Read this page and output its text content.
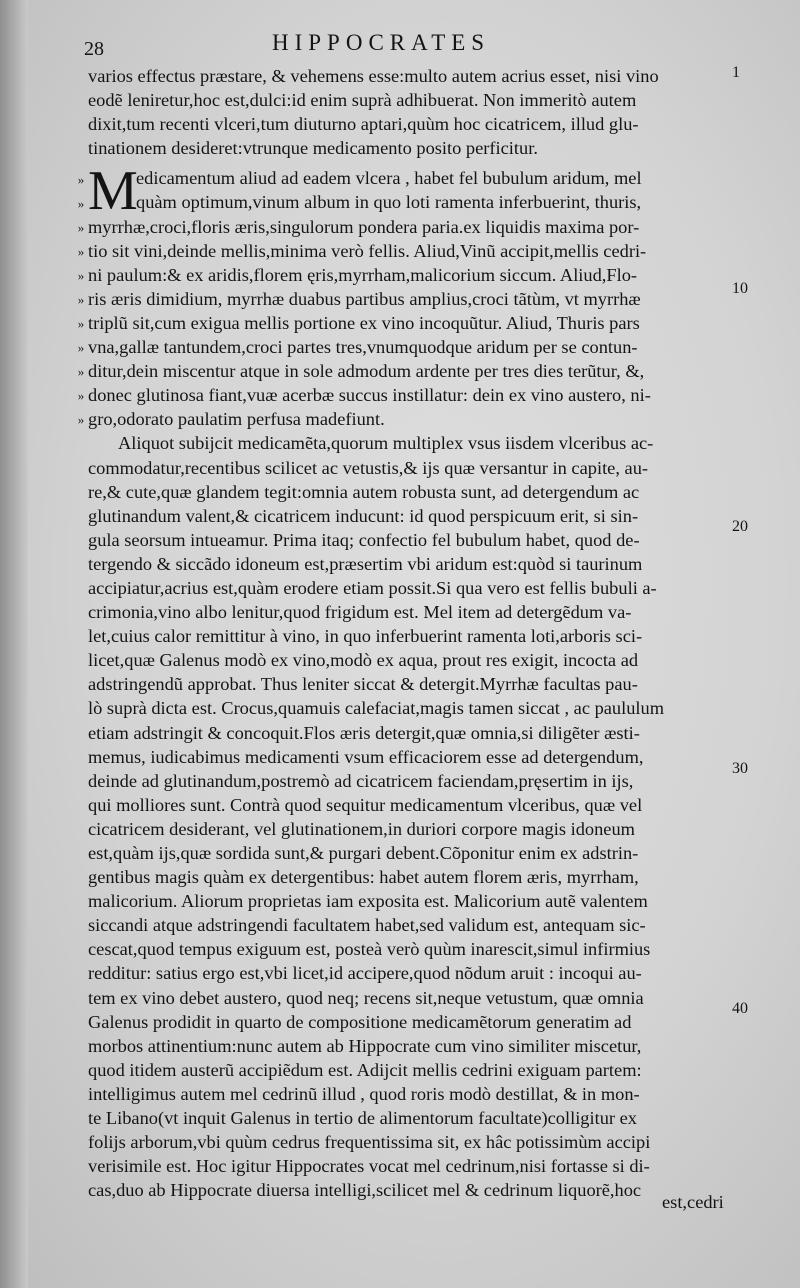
28	HIPPOCRATES
M
»
»
»
»
»
»
»
»
»
»
»
1
10
20
30
40
varios effectus præstare, & vehemens esse:multo autem acrius esset, nisi vino
eodẽ leniretur,hoc est,dulci:id enim suprà adhibuerat. Non immeritò autem
dixit,tum recenti vlceri,tum diuturno aptari,quùm hoc cicatricem, illud glu-
tinationem desideret:vtrunque medicamento posito perficitur.
edicamentum aliud ad eadem vlcera , habet fel bubulum aridum, mel
quàm optimum,vinum album in quo loti ramenta inferbuerint, thuris,
myrrhæ,croci,floris æris,singulorum pondera paria.ex liquidis maxima por-
tio sit vini,deinde mellis,minima verò fellis. Aliud,Vinũ accipit,mellis cedri-
ni paulum:& ex aridis,florem ęris,myrrham,malicorium siccum. Aliud,Flo-
ris æris dimidium, myrrhæ duabus partibus amplius,croci tãtùm, vt myrrhæ
triplũ sit,cum exigua mellis portione ex vino incoquũtur. Aliud, Thuris pars
vna,gallæ tantundem,croci partes tres,vnumquodque aridum per se contun-
ditur,dein miscentur atque in sole admodum ardente per tres dies terũtur, &,
donec glutinosa fiant,vuæ acerbæ succus instillatur: dein ex vino austero, ni-
gro,odorato paulatim perfusa madefiunt.
Aliquot subijcit medicamẽta,quorum multiplex vsus iisdem vlceribus ac-
commodatur,recentibus scilicet ac vetustis,& ijs quæ versantur in capite, au-
re,& cute,quæ glandem tegit:omnia autem robusta sunt, ad detergendum ac
glutinandum valent,& cicatricem inducunt: id quod perspicuum erit, si sin-
gula seorsum intueamur. Prima itaq; confectio fel bubulum habet, quod de-
tergendo & siccãdo idoneum est,præsertim vbi aridum est:quòd si taurinum
accipiatur,acrius est,quàm erodere etiam possit.Si qua vero est fellis bubuli a-
crimonia,vino albo lenitur,quod frigidum est. Mel item ad detergẽdum va-
let,cuius calor remittitur à vino, in quo inferbuerint ramenta loti,arboris sci-
licet,quæ Galenus modò ex vino,modò ex aqua, prout res exigit, incocta ad
adstringendũ approbat. Thus leniter siccat & detergit.Myrrhæ facultas pau-
lò suprà dicta est. Crocus,quamuis calefaciat,magis tamen siccat , ac paululum
etiam adstringit & concoquit.Flos æris detergit,quæ omnia,si diligẽter æsti-
memus, iudicabimus medicamenti vsum efficaciorem esse ad detergendum,
deinde ad glutinandum,postremò ad cicatricem faciendam,pręsertim in ijs,
qui molliores sunt. Contrà quod sequitur medicamentum vlceribus, quæ vel
cicatricem desiderant, vel glutinationem,in duriori corpore magis idoneum
est,quàm ijs,quæ sordida sunt,& purgari debent.Cõponitur enim ex adstrin-
gentibus magis quàm ex detergentibus: habet autem florem æris, myrrham,
malicorium. Aliorum proprietas iam exposita est. Malicorium autẽ valentem
siccandi atque adstringendi facultatem habet,sed validum est, antequam sic-
cescat,quod tempus exiguum est, posteà verò quùm inarescit,simul infirmius
redditur: satius ergo est,vbi licet,id accipere,quod nõdum aruit : incoqui au-
tem ex vino debet austero, quod neq; recens sit,neque vetustum, quæ omnia
Galenus prodidit in quarto de compositione medicamẽtorum generatim ad
morbos attinentium:nunc autem ab Hippocrate cum vino similiter miscetur,
quod itidem austerũ accipiẽdum est. Adijcit mellis cedrini exiguam partem:
intelligimus autem mel cedrinũ illud , quod roris modò destillat, & in mon-
te Libano(vt inquit Galenus in tertio de alimentorum facultate)colligitur ex
folijs arborum,vbi quùm cedrus frequentissima sit, ex hâc potissimùm accipi
verisimile est. Hoc igitur Hippocrates vocat mel cedrinum,nisi fortasse si di-
cas,duo ab Hippocrate diuersa intelligi,scilicet mel & cedrinum liquorẽ,hoc
est,cedri
